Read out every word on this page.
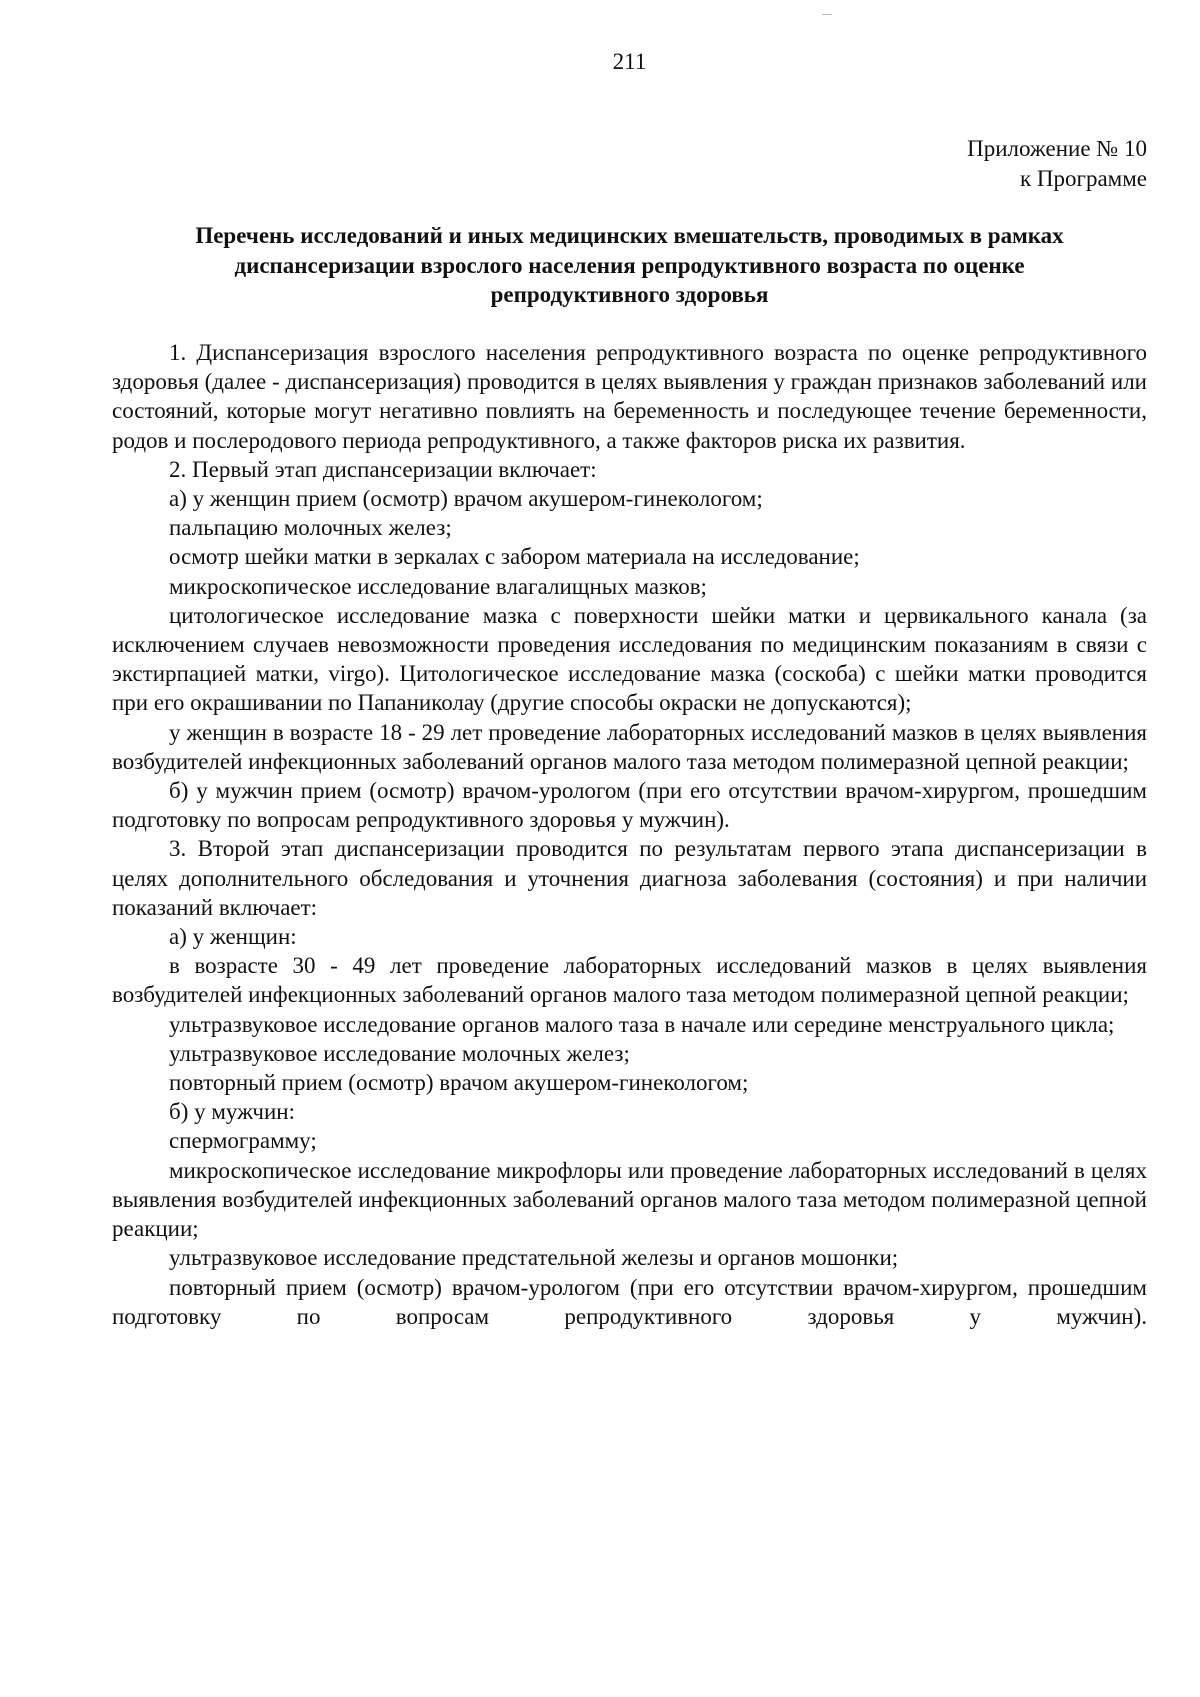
211
Приложение № 10
к Программе
Перечень исследований и иных медицинских вмешательств, проводимых в рамках
диспансеризации взрослого населения репродуктивного возраста по оценке
репродуктивного здоровья

1. Диспансеризация взрослого населения репродуктивного возраста по оценке репродуктивного здоровья (далее - диспансеризация) проводится в целях выявления у граждан признаков заболеваний или состояний, которые могут негативно повлиять на беременность и последующее течение беременности, родов и послеродового периода репродуктивного, а также факторов риска их развития.

2. Первый этап диспансеризации включает:

а) у женщин прием (осмотр) врачом акушером-гинекологом;

пальпацию молочных желез;

осмотр шейки матки в зеркалах с забором материала на исследование;

микроскопическое исследование влагалищных мазков;

цитологическое исследование мазка с поверхности шейки матки и цервикального канала (за исключением случаев невозможности проведения исследования по медицинским показаниям в связи с экстирпацией матки, virgo). Цитологическое исследование мазка (соскоба) с шейки матки проводится при его окрашивании по Папаниколау (другие способы окраски не допускаются);

у женщин в возрасте 18 - 29 лет проведение лабораторных исследований мазков в целях выявления возбудителей инфекционных заболеваний органов малого таза методом полимеразной цепной реакции;

б) у мужчин прием (осмотр) врачом-урологом (при его отсутствии врачом-хирургом, прошедшим подготовку по вопросам репродуктивного здоровья у мужчин).

3. Второй этап диспансеризации проводится по результатам первого этапа диспансеризации в целях дополнительного обследования и уточнения диагноза заболевания (состояния) и при наличии показаний включает:

а) у женщин:

в возрасте 30 - 49 лет проведение лабораторных исследований мазков в целях выявления возбудителей инфекционных заболеваний органов малого таза методом полимеразной цепной реакции;

ультразвуковое исследование органов малого таза в начале или середине менструального цикла;

ультразвуковое исследование молочных желез;

повторный прием (осмотр) врачом акушером-гинекологом;

б) у мужчин:

спермограмму;

микроскопическое исследование микрофлоры или проведение лабораторных исследований в целях выявления возбудителей инфекционных заболеваний органов малого таза методом полимеразной цепной реакции;

ультразвуковое исследование предстательной железы и органов мошонки;

повторный прием (осмотр) врачом-урологом (при его отсутствии врачом-хирургом, прошедшим подготовку по вопросам репродуктивного здоровья у мужчин).
